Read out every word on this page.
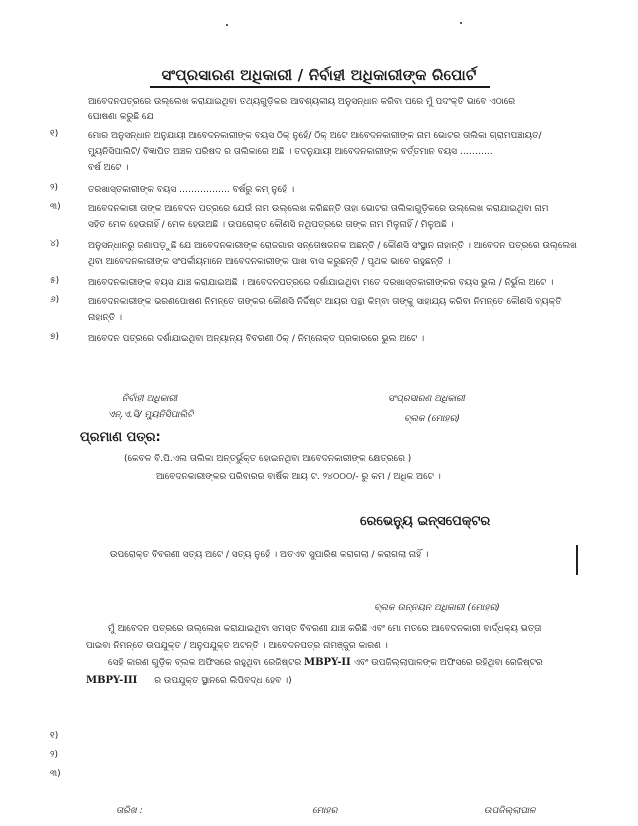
ସଂପ୍ରସାରଣ ଅଧିକାରୀ / ନିର୍ବାହୀ ଅଧିକାରୀଙ୍କ ରିପୋର୍ଟ
ଆବେଦନପତ୍ରରେ ଉଲ୍ଲେଖ କରାଯାଇଥିବା ତଥ୍ୟଗୁଡ଼ିକର ଆବଶ୍ୟକୀୟ ଅନୁସନ୍ଧାନ କରିବା ପରେ ମୁଁ ପଦଂକ୍ତି ଭାବେ ଏଠାରେ
ଘୋଷଣା କରୁଛି ଯେ
୧)	ମୋର ଅନୁସନ୍ଧାନ ଅନୁଯାୟୀ ଆବେଦନକାରୀଙ୍କ ବୟସ ଠିକ୍ ନୁହେଁ/ ଠିକ୍ ଅଟେ ଆବେଦନକାରୀଙ୍କ ନାମ ଭୋଟର ତାଲିକା ଗ୍ରାମପଞ୍ଚାୟତ/
ମ୍ୟୁନିସିପାଲିଟି/ ବିଜ୍ଞାପିତ ଅଞ୍ଚଳ ପରିଷଦ ର ତାଲିକାରେ ଅଛି । ତଦନୁଯାୟୀ ଆବେଦନକାରୀଙ୍କ ବର୍ତ୍ତମାନ ବୟସ ………..
ବର୍ଷ ଅଟେ ।
୨)	ତରଖାସ୍ତକାରୀଙ୍କ ବୟସ …………….. ବର୍ଷରୁ କମ୍ ନୁହେଁ ।
୩)	ଆବେଦନକାରୀ ତାଙ୍କ ଆବେଦନ ପତ୍ରରେ ଯେଉଁ ନାମ ଉଲ୍ଲେଖ କରିଛନ୍ତି ତାହା ଭୋଟର ତାଲିକାଗୁଡ଼ିକରେ ଉଲ୍ଲେଖ କରାଯାଇଥିବା ନାମ
ସହିତ ମେଳ ହେଉନାହିଁ / ମେଳ ହେଉଅଛି । ଉପରୋକ୍ତ କୌଣସି ନଥିପତ୍ରରେ ତାଙ୍କ ନାମ ମିଳୁନାହିଁ / ମିଳୁଅଛି ।
୪)	ଅନୁସନ୍ଧାନରୁ ଜଣାପଡ଼ୁଛି ଯେ ଆବେଦନକାରୀଙ୍କ ରୋଜଗାର ସନ୍ତୋଷଜନକ ଅଛନ୍ତି / କୌଣସି ସଂସ୍ଥାନ ନାହାନ୍ତି । ଆବେଦନ ପତ୍ରରେ ଉଲ୍ଲେଖ
ଥିବା ଆବେଦନକାରୀଙ୍କ ସଂପର୍କୀୟମାନେ ଆବେଦନକାରୀଙ୍କ ପାଖ ବାସ କରୁଛନ୍ତି / ପୃଥକ ଭାବେ ରହୁଛନ୍ତି ।
୫)	ଆବେଦନକାରୀଙ୍କ ବୟସ ଯାଞ୍ଚ କରାଯାଇଅଛି । ଆବେଦନପତ୍ରରେ ଦର୍ଶାଯାଇଥିବା ମତେ ଦରଖାସ୍ତକାରୀଙ୍କର ବୟସ ଭୁଲ / ନିର୍ଭୁଲ ଅଟେ ।
୬)	ଆବେଦନକାରୀଙ୍କ ଭରଣପୋଷଣ ନିମନ୍ତେ ତାଙ୍କର କୌଣସି ନିର୍ଦ୍ଦିଷ୍ଟ ଆୟର ପନ୍ଥା କିମ୍ବା ତାଙ୍କୁ ସାହାଯ୍ୟ କରିବା ନିମନ୍ତେ କୌଣସି ବ୍ୟକ୍ତି
ନାହାନ୍ତି ।
୭)	ଆବେଦନ ପତ୍ରରେ ଦର୍ଶାଯାଇଥିବା ଅନ୍ୟାନ୍ୟ ବିବରଣୀ ଠିକ୍ / ନିମ୍ନୋକ୍ତ ପ୍ରକାରରେ ଭୁଲ ଅଟେ ।
ନିର୍ବାହୀ ଅଧିକାରୀ
ଏନ୍.ଏ.ସି/ ମ୍ୟୁନିସିପାଲିଟି
ସଂପ୍ରସାରଣ ଅଧିକାରୀ
ବ୍ଲକ (ମୋହର)
ପ୍ରମାଣ ପତ୍ର:
(କେବଳ ବି.ପି.ଏଲ ତାଲିକା ଅନ୍ତର୍ଭୁକ୍ତ ହୋଇନଥିବା ଆବେଦନକାରୀଙ୍କ କ୍ଷେତ୍ରରେ )
ଆବେଦନକାରୀଙ୍କର ପରିବାରର ବାର୍ଷିକ ଆୟ ଟ. ୨୪୦୦୦/- ରୁ କମ / ଅଧିକ ଅଟେ ।
ରେଭେନ୍ୟୁ ଇନ୍ସପେକ୍ଟର
ଉପରୋକ୍ତ ବିବରଣୀ ସତ୍ୟ ଅଟେ / ସତ୍ୟ ନୁହେଁ । ଅତଏବ ସୁପାରିଶ କରାଗଲା / କରାଗଲା ନାହିଁ ।
ବ୍ଲକ ଉନ୍ନୟନ ଅଧିକାରୀ (ମୋହର)
ମୁଁ ଆବେଦନ ପତ୍ରରେ ଉଲ୍ଲେଖ କରାଯାଇଥିବା ସମସ୍ତ ବିବରଣୀ ଯାଞ୍ଚ କରିଛି ଏବଂ ମୋ ମତରେ ଆବେଦନକାରୀ ବାର୍ଦ୍ଧକ୍ୟ ଭତ୍ତା
ପାଇବା ନିମନ୍ତେ ଉପଯୁକ୍ତ / ଅନୁପଯୁକ୍ତ ଅଟନ୍ତି । ଆବେଦନପତ୍ର ନାମଞ୍ଜୁର କାରଣ ।
ସେହି କାରଣ ଗୁଡ଼ିକ ବ୍ଲକ ଅଫିସରେ ରହୁଥିବା ରେଜିଷ୍ଟର MBPY-II ଏବଂ ଉପଜିଲ୍ଲାପାଳଙ୍କ ଅଫିସରେ ରହିଥିବା ରେଜିଷ୍ଟର
MBPY-III ର ଉପଯୁକ୍ତ ସ୍ଥାନରେ ଲିପିବଦ୍ଧ ହେବ ।)
୧)
୨)
୩)
ତାରିଖ :	ମୋହର	ଉପଜିଲ୍ଲାପାଳ
